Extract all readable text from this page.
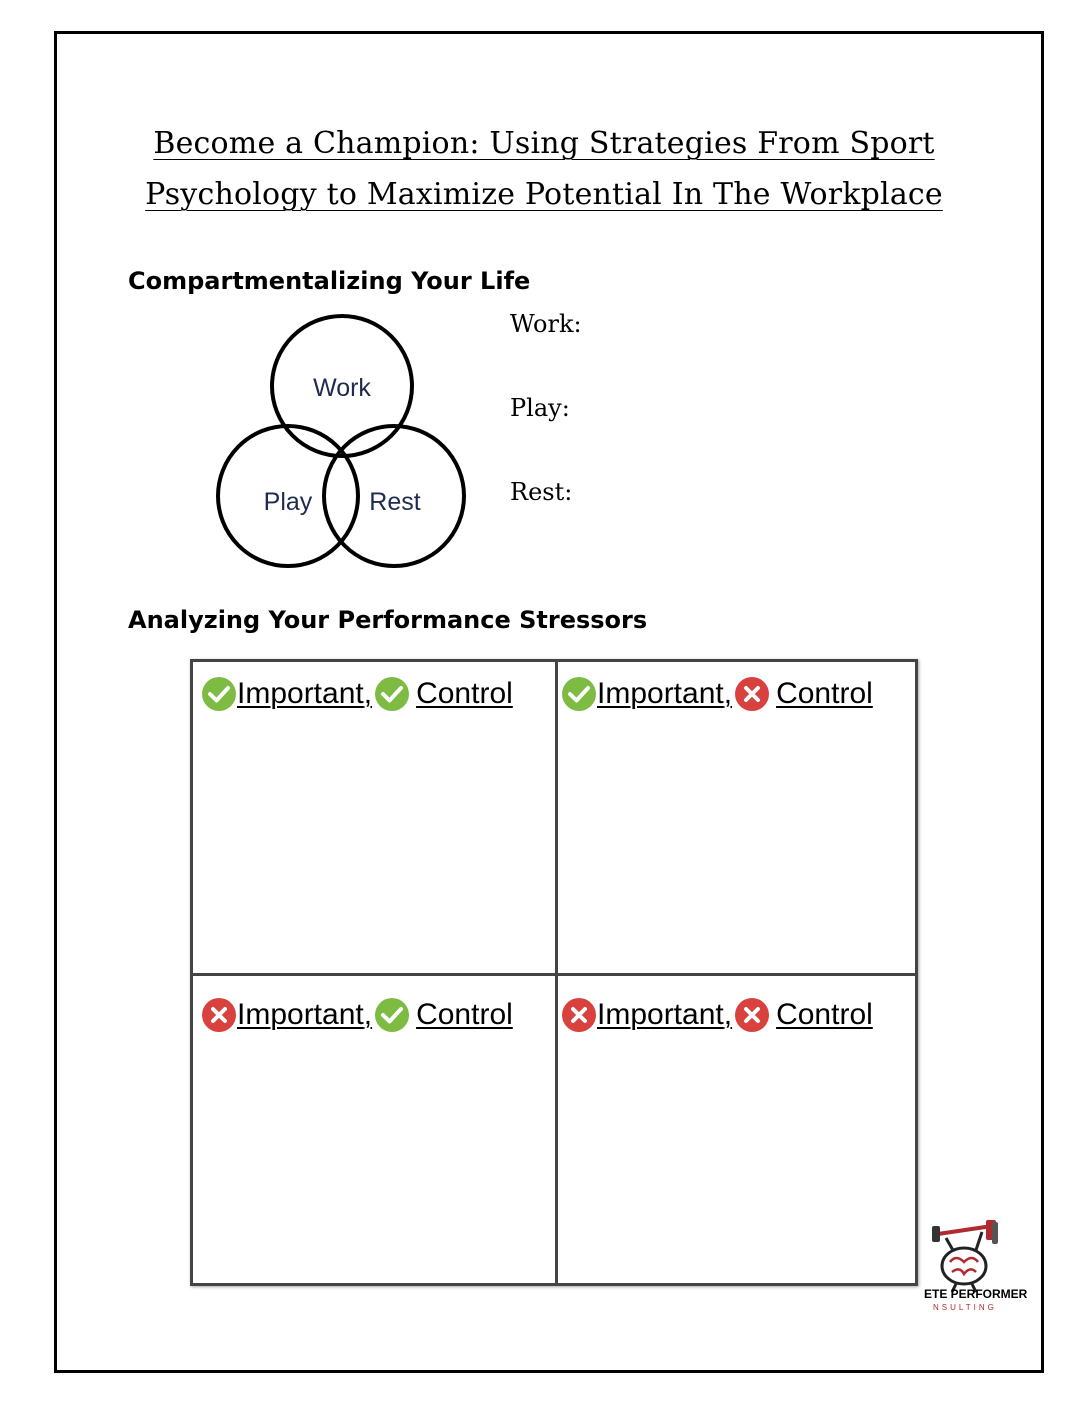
Become a Champion: Using Strategies From Sport
Psychology to Maximize Potential In The Workplace
Compartmentalizing Your Life
Work
Play Rest
Work:
Play:
Rest:
Analyzing Your Performance Stressors
Important , Control	Important , Control
Important , Control	Important , Control
ETE PERFORMER
NSULTING
